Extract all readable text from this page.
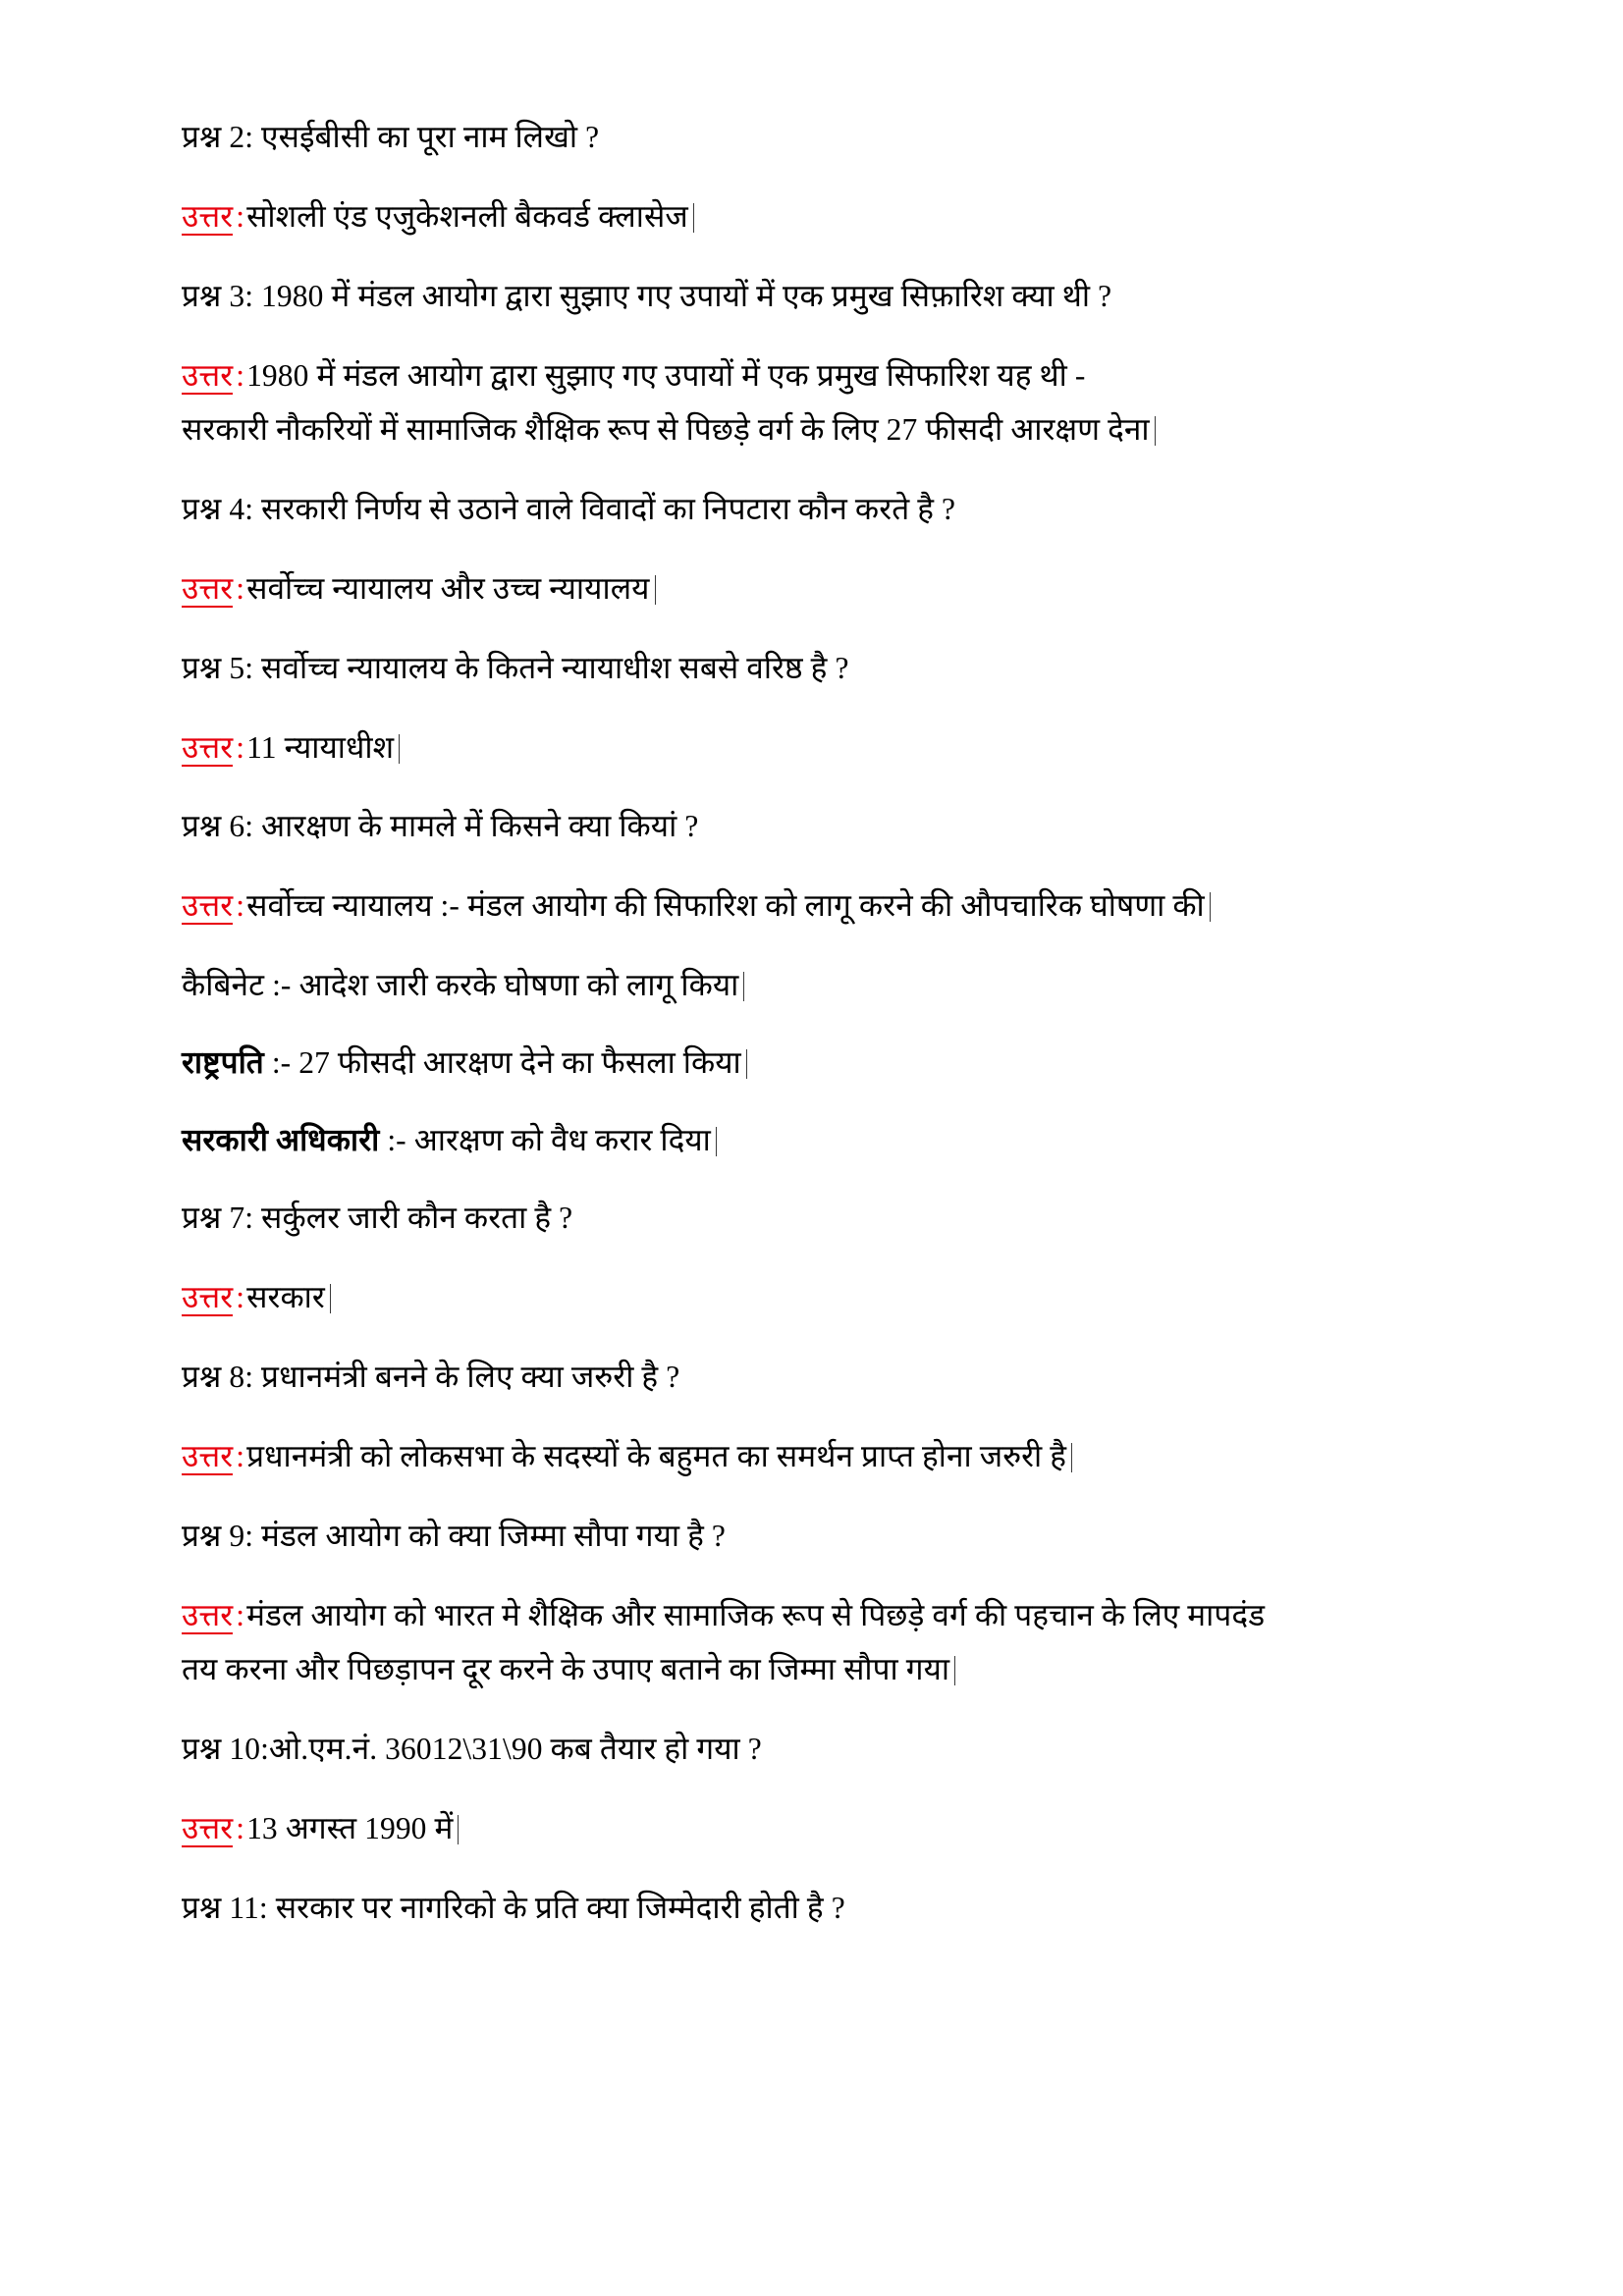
प्रश्न 2: एसईबीसी का पूरा नाम लिखो ?

उत्तर:सोशली एंड एजुकेशनली बैकवर्ड क्लासेज

प्रश्न 3: 1980 में मंडल आयोग द्वारा सुझाए गए उपायों में एक प्रमुख सिफ़ारिश क्या थी ?

उत्तर:1980 में मंडल आयोग द्वारा सुझाए गए उपायों में एक प्रमुख सिफारिश यह थी -

सरकारी नौकरियों में सामाजिक शैक्षिक रूप से पिछड़े वर्ग के लिए 27 फीसदी आरक्षण देना

प्रश्न 4: सरकारी निर्णय से उठाने वाले विवादों का निपटारा कौन करते है ?

उत्तर:सर्वोच्च न्यायालय और उच्च न्यायालय

प्रश्न 5: सर्वोच्च न्यायालय के कितने न्यायाधीश सबसे वरिष्ठ है ?

उत्तर:11 न्यायाधीश

प्रश्न 6: आरक्षण के मामले में किसने क्या कियां ?

उत्तर:सर्वोच्च न्यायालय :- मंडल आयोग की सिफारिश को लागू करने की औपचारिक घोषणा की

कैबिनेट :- आदेश जारी करके घोषणा को लागू किया

राष्ट्रपति :- 27 फीसदी आरक्षण देने का फैसला किया

सरकारी अधिकारी :- आरक्षण को वैध करार दिया

प्रश्न 7: सर्कुलर जारी कौन करता है ?

उत्तर:सरकार

प्रश्न 8: प्रधानमंत्री बनने के लिए क्या जरुरी है ?

उत्तर:प्रधानमंत्री को लोकसभा के सदस्यों के बहुमत का समर्थन प्राप्त होना जरुरी है

प्रश्न 9: मंडल आयोग को क्या जिम्मा सौपा गया है ?

उत्तर:मंडल आयोग को भारत मे शैक्षिक और सामाजिक रूप से पिछड़े वर्ग की पहचान के लिए मापदंड

तय करना और पिछड़ापन दूर करने के उपाए बताने का जिम्मा सौपा गया

प्रश्न 10:ओ.एम.नं. 36012\31\90 कब तैयार हो गया ?

उत्तर:13 अगस्त 1990 में

प्रश्न 11: सरकार पर नागरिको के प्रति क्या जिम्मेदारी होती है ?
